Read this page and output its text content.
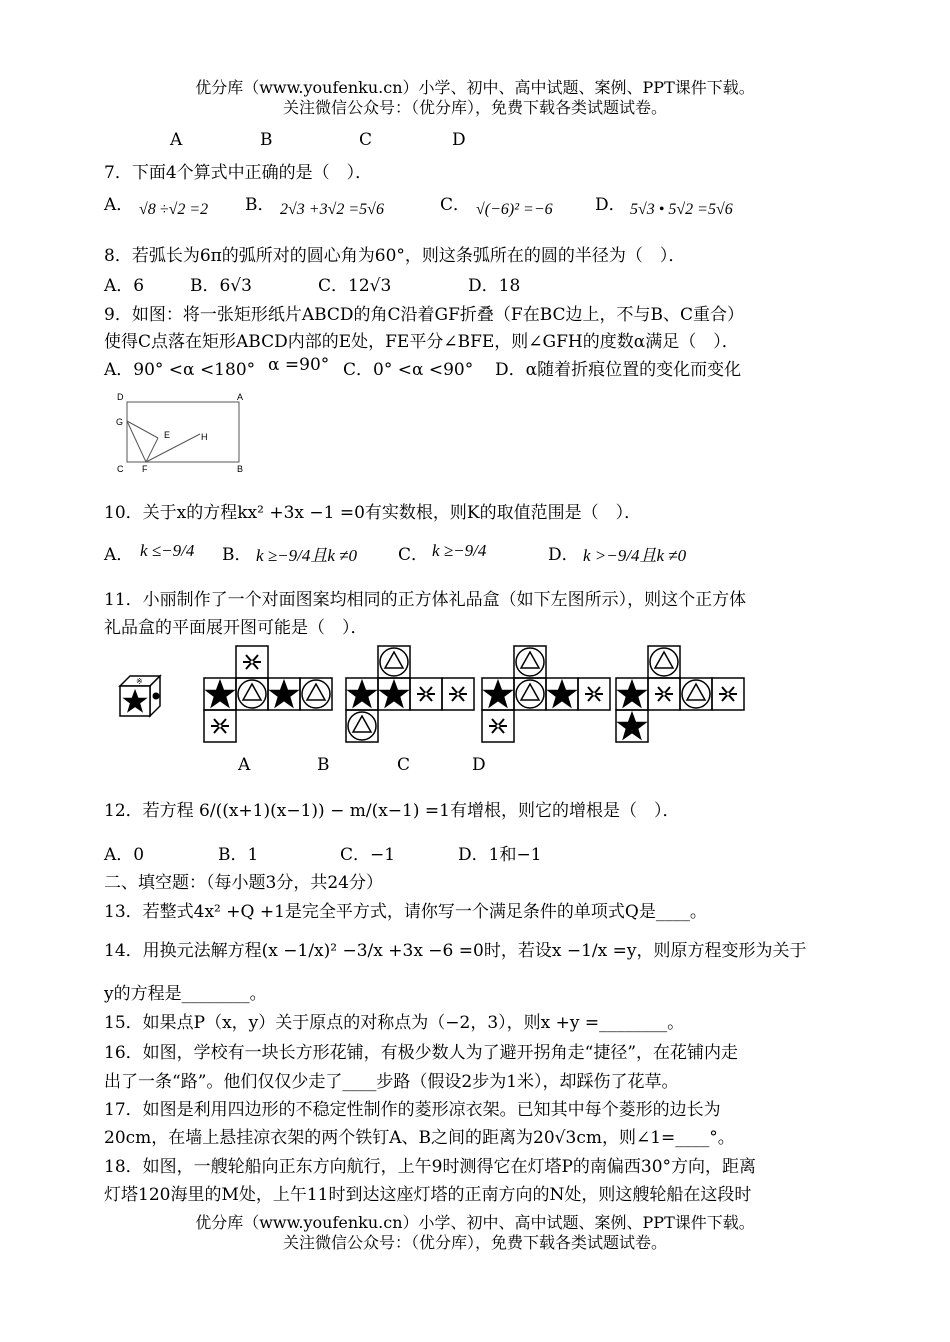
优分库（www.youfenku.cn）小学、初中、高中试题、案例、PPT课件下载。
关注微信公众号：（优分库），免费下载各类试题试卷。
A	B	C	D
7．下面4个算式中正确的是（　）．
A． √8 ÷√2 =2 B． 2√3 +3√2 =5√6	C． √(−6)² =−6 D． 5√3 • 5√2 =5√6
8．若弧长为6π的弧所对的圆心角为60°，则这条弧所在的圆的半径为（　）．
A．6	B．6√3	C．12√3	D．18
9．如图：将一张矩形纸片ABCD的角C沿着GF折叠（F在BC边上，不与B、C重合）
使得C点落在矩形ABCD内部的E处，FE平分∠BFE，则∠GFH的度数α满足（　）．
A．90° <α <180° α =90° C．0° <α <90° D．α随着折痕位置的变化而变化
D	A
G
E	H
C F	B
10．关于x的方程kx² +3x −1 =0有实数根，则K的取值范围是（　）．
A． k ≤−9/4 B． k ≥−9/4且k ≠0 C． k ≥−9/4	D． k >−9/4且k ≠0
11．小丽制作了一个对面图案均相同的正方体礼品盒（如下左图所示），则这个正方体
礼品盒的平面展开图可能是（　）．
※
A	B	C	D
12．若方程 6/((x+1)(x−1)) − m/(x−1) =1有增根，则它的增根是（　）．
A．0	B．1	C．−1	D．1和−1
二、填空题：（每小题3分，共24分）
13．若整式4x² +Q +1是完全平方式，请你写一个满足条件的单项式Q是____。
14．用换元法解方程(x −1/x)² −3/x +3x −6 =0时，若设x −1/x =y，则原方程变形为关于
y的方程是________。
15．如果点P（x，y）关于原点的对称点为（−2，3），则x +y =________。
16．如图，学校有一块长方形花铺，有极少数人为了避开拐角走“捷径”，在花铺内走
出了一条“路”。他们仅仅少走了____步路（假设2步为1米），却踩伤了花草。
17．如图是利用四边形的不稳定性制作的菱形凉衣架。已知其中每个菱形的边长为
20cm，在墙上悬挂凉衣架的两个铁钉A、B之间的距离为20√3cm，则∠1=____°。
18．如图，一艘轮船向正东方向航行，上午9时测得它在灯塔P的南偏西30°方向，距离
灯塔120海里的M处，上午11时到达这座灯塔的正南方向的N处，则这艘轮船在这段时
优分库（www.youfenku.cn）小学、初中、高中试题、案例、PPT课件下载。
关注微信公众号：（优分库），免费下载各类试题试卷。
